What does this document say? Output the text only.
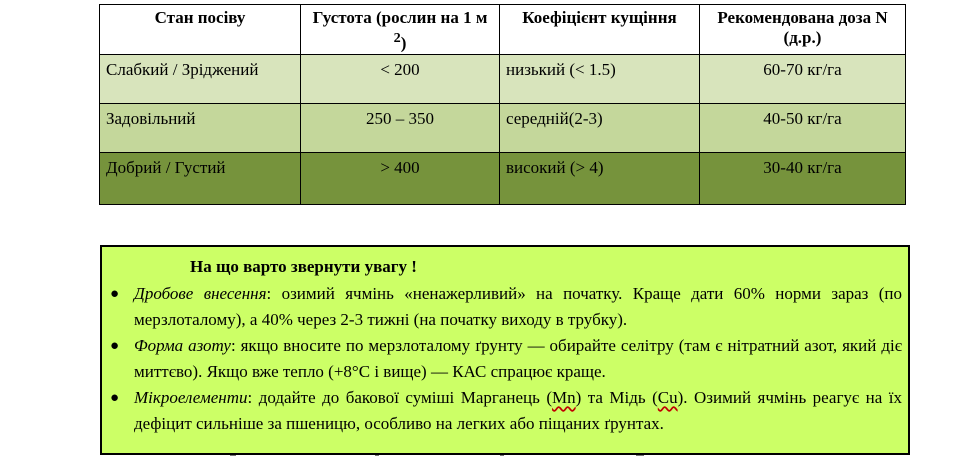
Стан посіву	Густота (рослин на 1 м $^2$)	Коефіцієнт кущіння	Рекомендована доза N (д.р.)
Слабкий / Зріджений	< 200	низький (< 1.5)	60-70 кг/га
Задовільний	250 – 350	середній(2-3)	40-50 кг/га
Добрий / Густий	> 400	високий (> 4)	30-40 кг/га
На що варто звернути увагу !
● Дробове внесення: озимий ячмінь «ненажерливий» на початку. Краще дати 60% норми зараз (по мерзлоталому), а 40% через 2-3 тижні (на початку виходу в трубку).
● Форма азоту: якщо вносите по мерзлоталому ґрунту — обирайте селітру (там є нітратний азот, який діє миттєво). Якщо вже тепло (+8°C і вище) — КАС спрацює краще.
● Мікроелементи: додайте до бакової суміші Марганець (Mn) та Мідь (Cu). Озимий ячмінь реагує на їх дефіцит сильніше за пшеницю, особливо на легких або піщаних ґрунтах.
